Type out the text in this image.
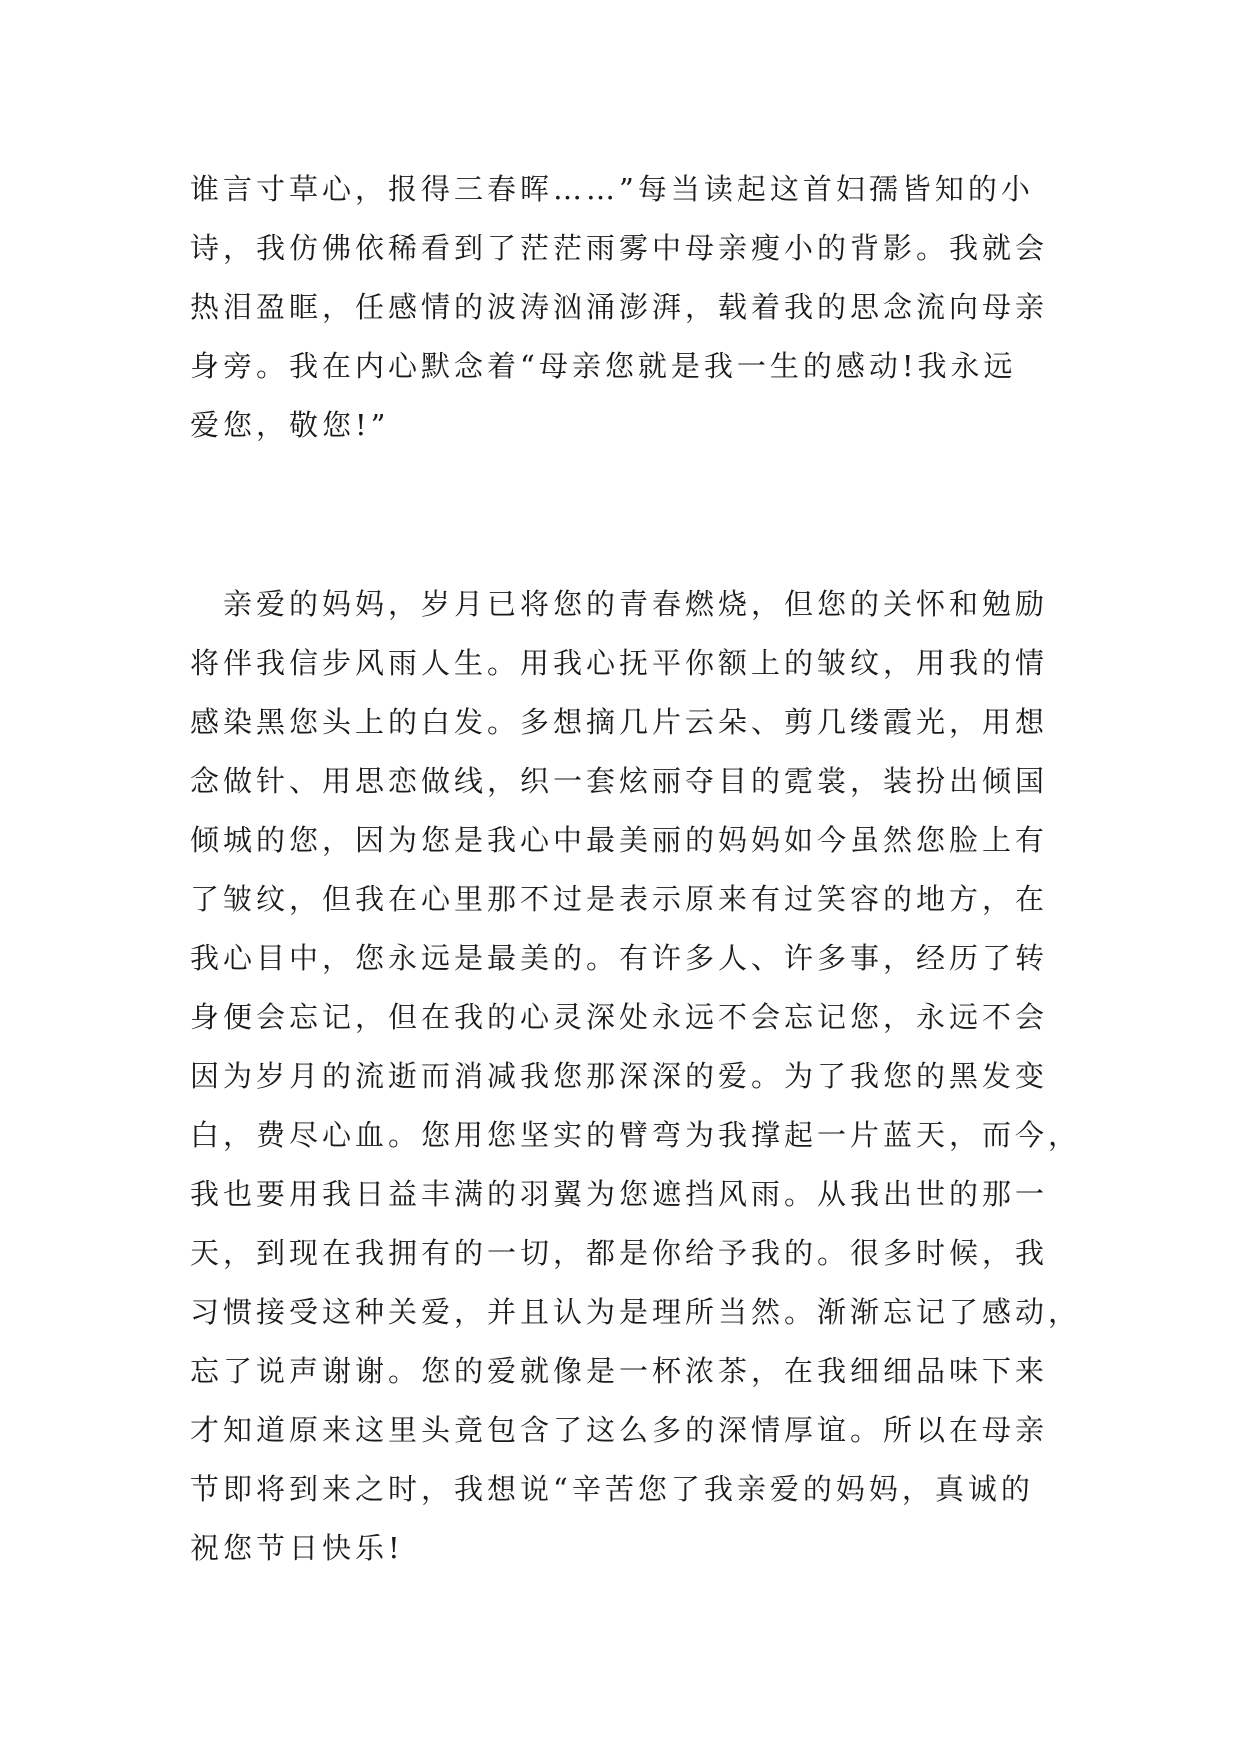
谁言寸草心，报得三春晖……”每当读起这首妇孺皆知的小
诗，我仿佛依稀看到了茫茫雨雾中母亲瘦小的背影。我就会
热泪盈眶，任感情的波涛汹涌澎湃，载着我的思念流向母亲
身旁。我在内心默念着“母亲您就是我一生的感动!我永远
爱您，敬您!”
　亲爱的妈妈，岁月已将您的青春燃烧，但您的关怀和勉励
将伴我信步风雨人生。用我心抚平你额上的皱纹，用我的情
感染黑您头上的白发。多想摘几片云朵、剪几缕霞光，用想
念做针、用思恋做线，织一套炫丽夺目的霓裳，装扮出倾国
倾城的您，因为您是我心中最美丽的妈妈如今虽然您脸上有
了皱纹，但我在心里那不过是表示原来有过笑容的地方，在
我心目中，您永远是最美的。有许多人、许多事，经历了转
身便会忘记，但在我的心灵深处永远不会忘记您，永远不会
因为岁月的流逝而消减我您那深深的爱。为了我您的黑发变
白，费尽心血。您用您坚实的臂弯为我撑起一片蓝天，而今，
我也要用我日益丰满的羽翼为您遮挡风雨。从我出世的那一
天，到现在我拥有的一切，都是你给予我的。很多时候，我
习惯接受这种关爱，并且认为是理所当然。渐渐忘记了感动，
忘了说声谢谢。您的爱就像是一杯浓茶，在我细细品味下来
才知道原来这里头竟包含了这么多的深情厚谊。所以在母亲
节即将到来之时，我想说“辛苦您了我亲爱的妈妈，真诚的
祝您节日快乐!
